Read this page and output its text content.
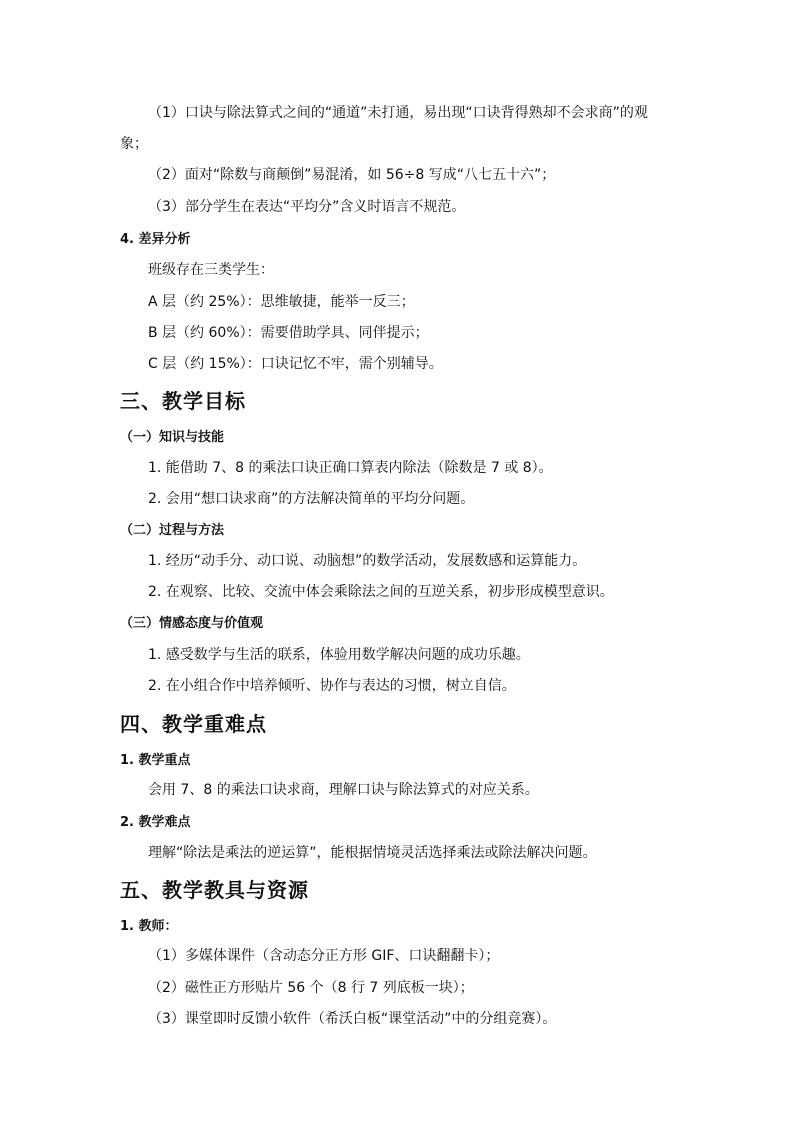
（1）口诀与除法算式之间的“通道”未打通，易出现“口诀背得熟却不会求商”的观
象；
（2）面对“除数与商颠倒”易混淆，如 56÷8 写成“八七五十六”；
（3）部分学生在表达“平均分”含义时语言不规范。
4. 差异分析
班级存在三类学生：
A 层（约 25%）：思维敏捷，能举一反三；
B 层（约 60%）：需要借助学具、同伴提示；
C 层（约 15%）：口诀记忆不牢，需个别辅导。
三、教学目标
（一）知识与技能
1. 能借助 7、8 的乘法口诀正确口算表内除法（除数是 7 或 8）。
2. 会用“想口诀求商”的方法解决简单的平均分问题。
（二）过程与方法
1. 经历“动手分、动口说、动脑想”的数学活动，发展数感和运算能力。
2. 在观察、比较、交流中体会乘除法之间的互逆关系，初步形成模型意识。
（三）情感态度与价值观
1. 感受数学与生活的联系，体验用数学解决问题的成功乐趣。
2. 在小组合作中培养倾听、协作与表达的习惯，树立自信。
四、教学重难点
1. 教学重点
会用 7、8 的乘法口诀求商，理解口诀与除法算式的对应关系。
2. 教学难点
理解“除法是乘法的逆运算”，能根据情境灵活选择乘法或除法解决问题。
五、教学教具与资源
1. 教师：
（1）多媒体课件（含动态分正方形 GIF、口诀翻翻卡）；
（2）磁性正方形贴片 56 个（8 行 7 列底板一块）；
（3）课堂即时反馈小软件（希沃白板“课堂活动”中的分组竞赛）。
